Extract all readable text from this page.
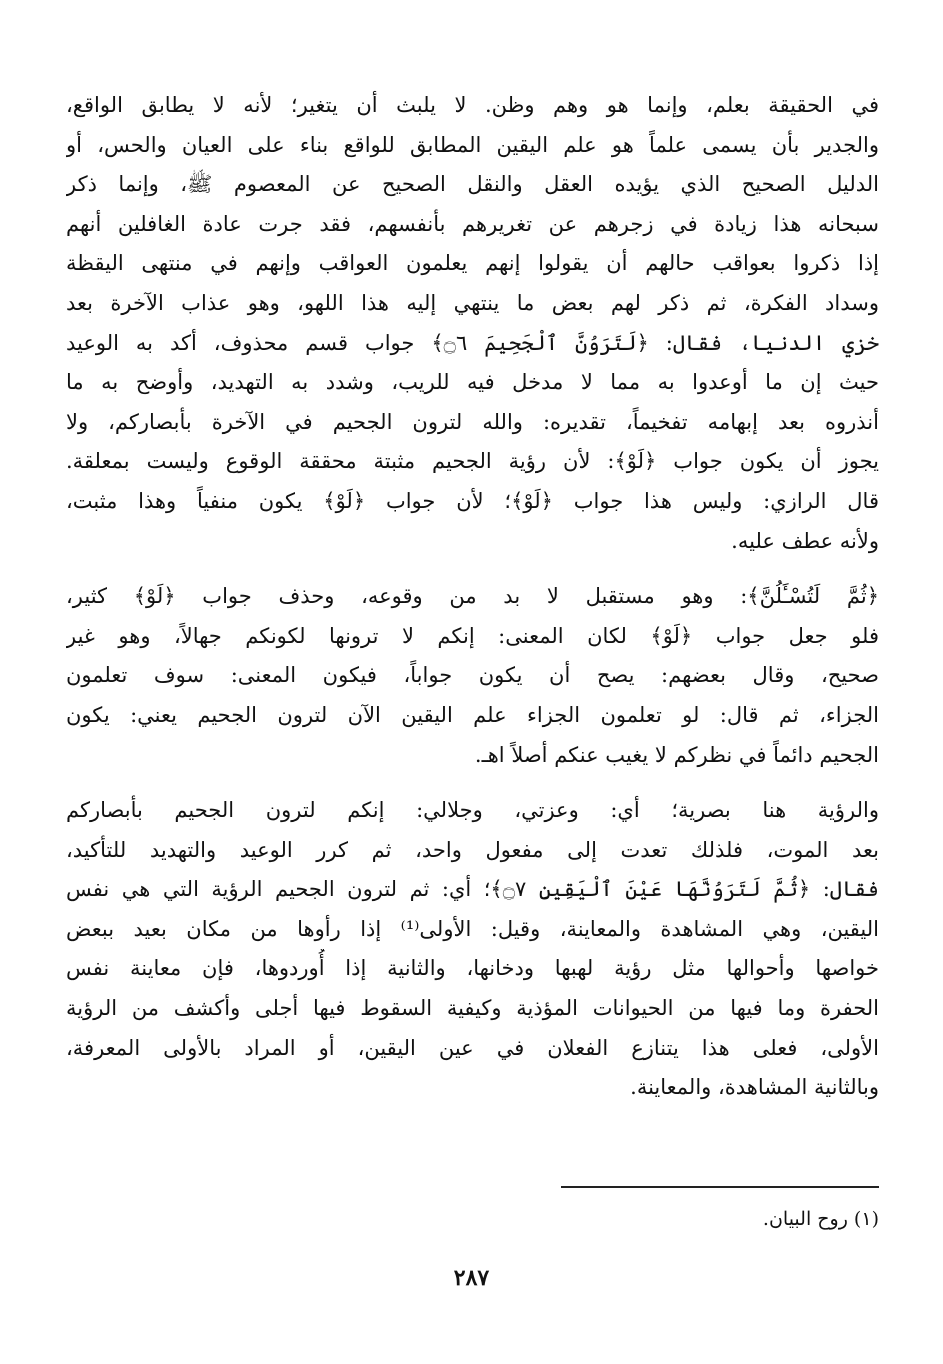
في الحقيقة بعلم، وإنما هو وهم وظن. لا يلبث أن يتغير؛ لأنه لا يطابق الواقع،
والجدير بأن يسمى علماً هو علم اليقين المطابق للواقع بناء على العيان والحس، أو
الدليل الصحيح الذي يؤيده العقل والنقل الصحيح عن المعصوم ﷺ، وإنما ذكر
سبحانه هذا زيادة في زجرهم عن تغريرهم بأنفسهم، فقد جرت عادة الغافلين أنهم
إذا ذكروا بعواقب حالهم أن يقولوا إنهم يعلمون العواقب وإنهم في منتهى اليقظة
وسداد الفكرة، ثم ذكر لهم بعض ما ينتهي إليه هذا اللهو، وهو عذاب الآخرة بعد
خزي الدنيا، فقال: ﴿لَتَرَوُنَّ ٱلْجَحِيمَ ۝٦﴾ جواب قسم محذوف، أكد به الوعيد
حيث إن ما أوعدوا به مما لا مدخل فيه للريب، وشدد به التهديد، وأوضح به ما
أنذروه بعد إبهامه تفخيماً، تقديره: والله لترون الجحيم في الآخرة بأبصاركم، ولا
يجوز أن يكون جواب ﴿لَوْ﴾: لأن رؤية الجحيم مثبتة محققة الوقوع وليست بمعلقة.
قال الرازي: وليس هذا جواب ﴿لَوْ﴾؛ لأن جواب ﴿لَوْ﴾ يكون منفياً وهذا مثبت،
ولأنه عطف عليه.
﴿ثُمَّ لَتُسْـَٔلُنَّ﴾: وهو مستقبل لا بد من وقوعه، وحذف جواب ﴿لَوْ﴾ كثير،
فلو جعل جواب ﴿لَوْ﴾ لكان المعنى: إنكم لا ترونها لكونكم جهالاً، وهو غير
صحيح، وقال بعضهم: يصح أن يكون جواباً، فيكون المعنى: سوف تعلمون
الجزاء، ثم قال: لو تعلمون الجزاء علم اليقين الآن لترون الجحيم يعني: يكون
الجحيم دائماً في نظركم لا يغيب عنكم أصلاً اهـ.
والرؤية هنا بصرية؛ أي: وعزتي، وجلالي: إنكم لترون الجحيم بأبصاركم
بعد الموت، فلذلك تعدت إلى مفعول واحد، ثم كرر الوعيد والتهديد للتأكيد،
فقال: ﴿ثُمَّ لَتَرَوُنَّهَا عَيْنَ ٱلْيَقِينِ ۝٧﴾؛ أي: ثم لترون الجحيم الرؤية التي هي نفس
اليقين، وهي المشاهدة والمعاينة، وقيل: الأولى⁽¹⁾ إذا رأوها من مكان بعيد ببعض
خواصها وأحوالها مثل رؤية لهبها ودخانها، والثانية إذا أُوردوها، فإن معاينة نفس
الحفرة وما فيها من الحيوانات المؤذية وكيفية السقوط فيها أجلى وأكشف من الرؤية
الأولى، فعلى هذا يتنازع الفعلان في عين اليقين، أو المراد بالأولى المعرفة،
وبالثانية المشاهدة، والمعاينة.
(١) روح البيان.
٢٨٧
